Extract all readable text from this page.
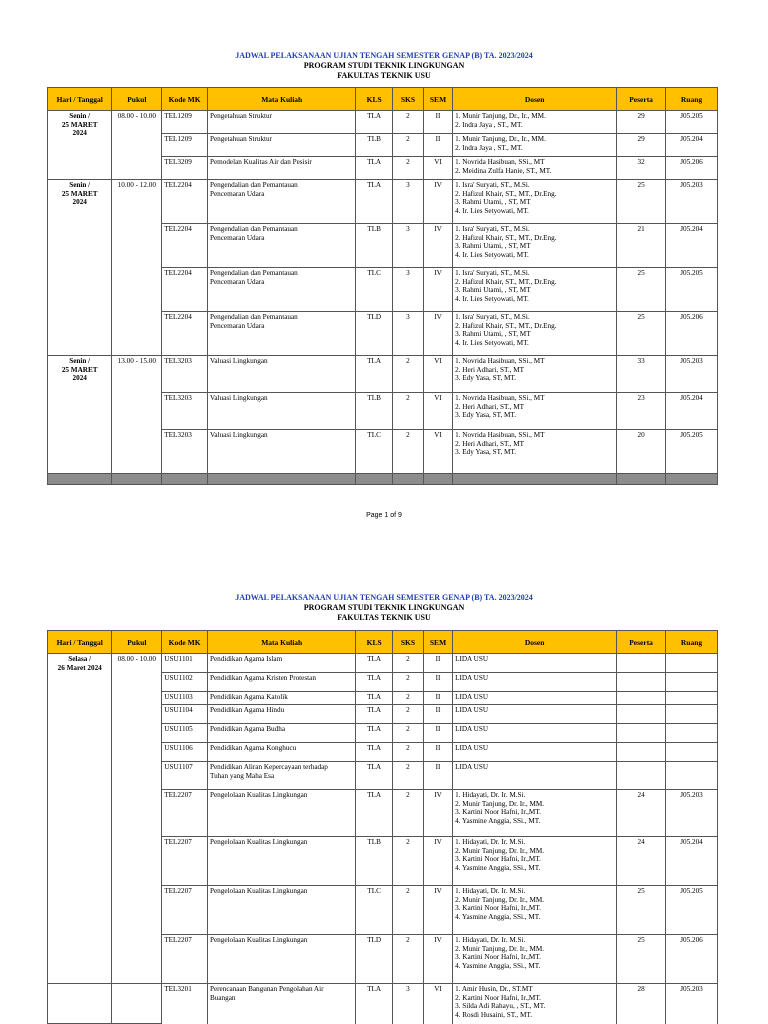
JADWAL PELAKSANAAN UJIAN TENGAH SEMESTER GENAP (B) TA. 2023/2024
PROGRAM STUDI TEKNIK LINGKUNGAN
FAKULTAS TEKNIK USU
Hari / Tanggal	Pukul	Kode MK	Mata Kuliah	KLS	SKS	SEM	Dosen	Peserta	Ruang

Senin /
25 MARET
2024	08.00 - 10.00	TEL1209	Pengetahuan Struktur	TLA	2	II	1. Munir Tanjung, Dr., Ir., MM.
2. Indra Jaya , ST., MT.	29	J05.205
		TEL1209	Pengetahuan Struktur	TLB	2	II	1. Munir Tanjung, Dr., Ir., MM.
2. Indra Jaya , ST., MT.	29	J05.204
		TEL3209	Pemodelan Kualitas Air dan Pesisir	TLA	2	VI	1. Novrida Hasibuan, SSi., MT
2. Meidina Zulfa Hanie, ST., MT.	32	J05.206

Senin /
25 MARET
2024	10.00 - 12.00	TEL2204	Pengendalian dan Pemantauan
Pencemaran Udara	TLA	3	IV	1. Isra' Suryati, ST., M.Si.
2. Hafizul Khair, ST., MT., Dr.Eng.
3. Rahmi Utami, , ST, MT
4. Ir. Lies Setyowati, MT.	25	J05.203
		TEL2204	Pengendalian dan Pemantauan
Pencemaran Udara	TLB	3	IV	1. Isra' Suryati, ST., M.Si.
2. Hafizul Khair, ST., MT., Dr.Eng.
3. Rahmi Utami, , ST, MT
4. Ir. Lies Setyowati, MT.	21	J05.204
		TEL2204	Pengendalian dan Pemantauan
Pencemaran Udara	TLC	3	IV	1. Isra' Suryati, ST., M.Si.
2. Hafizul Khair, ST., MT., Dr.Eng.
3. Rahmi Utami, , ST, MT
4. Ir. Lies Setyowati, MT.	25	J05.205
		TEL2204	Pengendalian dan Pemantauan
Pencemaran Udara	TLD	3	IV	1. Isra' Suryati, ST., M.Si.
2. Hafizul Khair, ST., MT., Dr.Eng.
3. Rahmi Utami, , ST, MT
4. Ir. Lies Setyowati, MT.	25	J05.206

Senin /
25 MARET
2024	13.00 - 15.00	TEL3203	Valuasi Lingkungan	TLA	2	VI	1. Novrida Hasibuan, SSi., MT
2. Heri Adhari, ST., MT
3. Edy Yasa, ST, MT.	33	J05.203
		TEL3203	Valuasi Lingkungan	TLB	2	VI	1. Novrida Hasibuan, SSi., MT
2. Heri Adhari, ST., MT
3. Edy Yasa, ST, MT.	23	J05.204
		TEL3203	Valuasi Lingkungan	TLC	2	VI	1. Novrida Hasibuan, SSi., MT
2. Heri Adhari, ST., MT
3. Edy Yasa, ST, MT.	20	J05.205

Page 1 of 9
JADWAL PELAKSANAAN UJIAN TENGAH SEMESTER GENAP (B) TA. 2023/2024
PROGRAM STUDI TEKNIK LINGKUNGAN
FAKULTAS TEKNIK USU
Hari / Tanggal	Pukul	Kode MK	Mata Kuliah	KLS	SKS	SEM	Dosen	Peserta	Ruang

Selasa /
26 Maret 2024	08.00 - 10.00	USU1101	Pendidikan Agama Islam	TLA	2	II	LIDA USU		

		USU1102	Pendidikan Agama Kristen Protestan	TLA	2	II	LIDA USU		

		USU1103	Pendidikan Agama Katolik	TLA	2	II	LIDA USU		

		USU1104	Pendidikan Agama Hindu	TLA	2	II	LIDA USU		

		USU1105	Pendidikan Agama Budha	TLA	2	II	LIDA USU		

		USU1106	Pendidikan Agama Konghucu	TLA	2	II	LIDA USU		

		USU1107	Pendidikan Aliran Kepercayaan terhadap
Tuhan yang Maha Esa	TLA	2	II	LIDA USU		

		TEL2207	Pengelolaan Kualitas Lingkungan	TLA	2	IV	1. Hidayati, Dr. Ir. M.Si.
2. Munir Tanjung, Dr. Ir., MM.
3. Kartini Noor Hafni, Ir.,MT.
4. Yasmine Anggia, SSi., MT.	24	J05.203
		TEL2207	Pengelolaan Kualitas Lingkungan	TLB	2	IV	1. Hidayati, Dr. Ir. M.Si.
2. Munir Tanjung, Dr. Ir., MM.
3. Kartini Noor Hafni, Ir.,MT.
4. Yasmine Anggia, SSi., MT.	24	J05.204
		TEL2207	Pengelolaan Kualitas Lingkungan	TLC	2	IV	1. Hidayati, Dr. Ir. M.Si.
2. Munir Tanjung, Dr. Ir., MM.
3. Kartini Noor Hafni, Ir.,MT.
4. Yasmine Anggia, SSi., MT.	25	J05.205
		TEL2207	Pengelolaan Kualitas Lingkungan	TLD	2	IV	1. Hidayati, Dr. Ir. M.Si.
2. Munir Tanjung, Dr. Ir., MM.
3. Kartini Noor Hafni, Ir.,MT.
4. Yasmine Anggia, SSi., MT.	25	J05.206
		TEL3201	Perencanaan Bangunan Pengolahan Air
Buangan	TLA	3	VI	1. Amir Husin, Dr., ST.MT
2. Kartini Noor Hafni, Ir.,MT.
3. Silda Adi Rahayu, , ST., MT.
4. Rosdi Husaini, ST., MT.	28	J05.203
